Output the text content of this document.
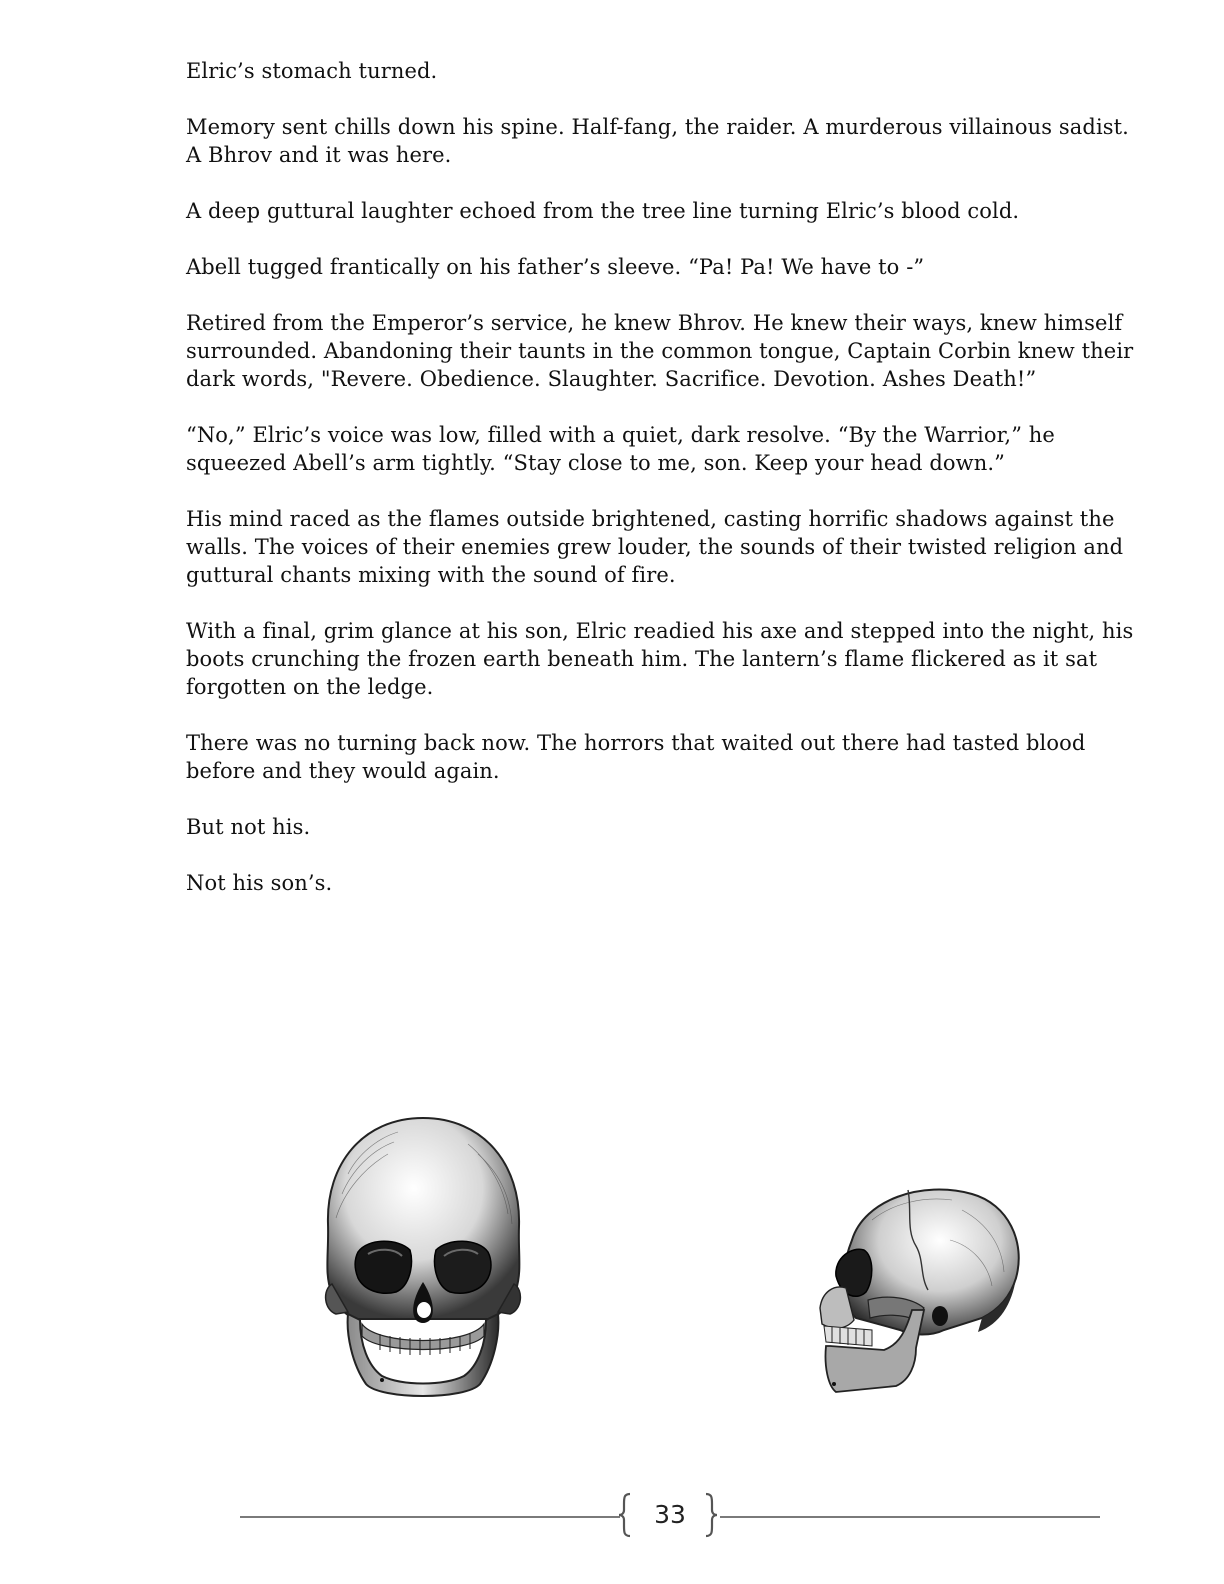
Elric’s stomach turned.

Memory sent chills down his spine. Half-fang, the raider. A murderous villainous sadist. A Bhrov and it was here.

A deep guttural laughter echoed from the tree line turning Elric’s blood cold.

Abell tugged frantically on his father’s sleeve. “Pa! Pa! We have to -”

Retired from the Emperor’s service, he knew Bhrov. He knew their ways, knew himself surrounded. Abandoning their taunts in the common tongue, Captain Corbin knew their dark words, "Revere. Obedience. Slaughter. Sacrifice. Devotion. Ashes Death!”

“No,” Elric’s voice was low, filled with a quiet, dark resolve. “By the Warrior,” he squeezed Abell’s arm tightly. “Stay close to me, son. Keep your head down.”

His mind raced as the flames outside brightened, casting horrific shadows against the walls. The voices of their enemies grew louder, the sounds of their twisted religion and guttural chants mixing with the sound of fire.

With a final, grim glance at his son, Elric readied his axe and stepped into the night, his boots crunching the frozen earth beneath him. The lantern’s flame flickered as it sat forgotten on the ledge.

There was no turning back now. The horrors that waited out there had tasted blood before and they would again.

But not his.

Not his son’s.

33
